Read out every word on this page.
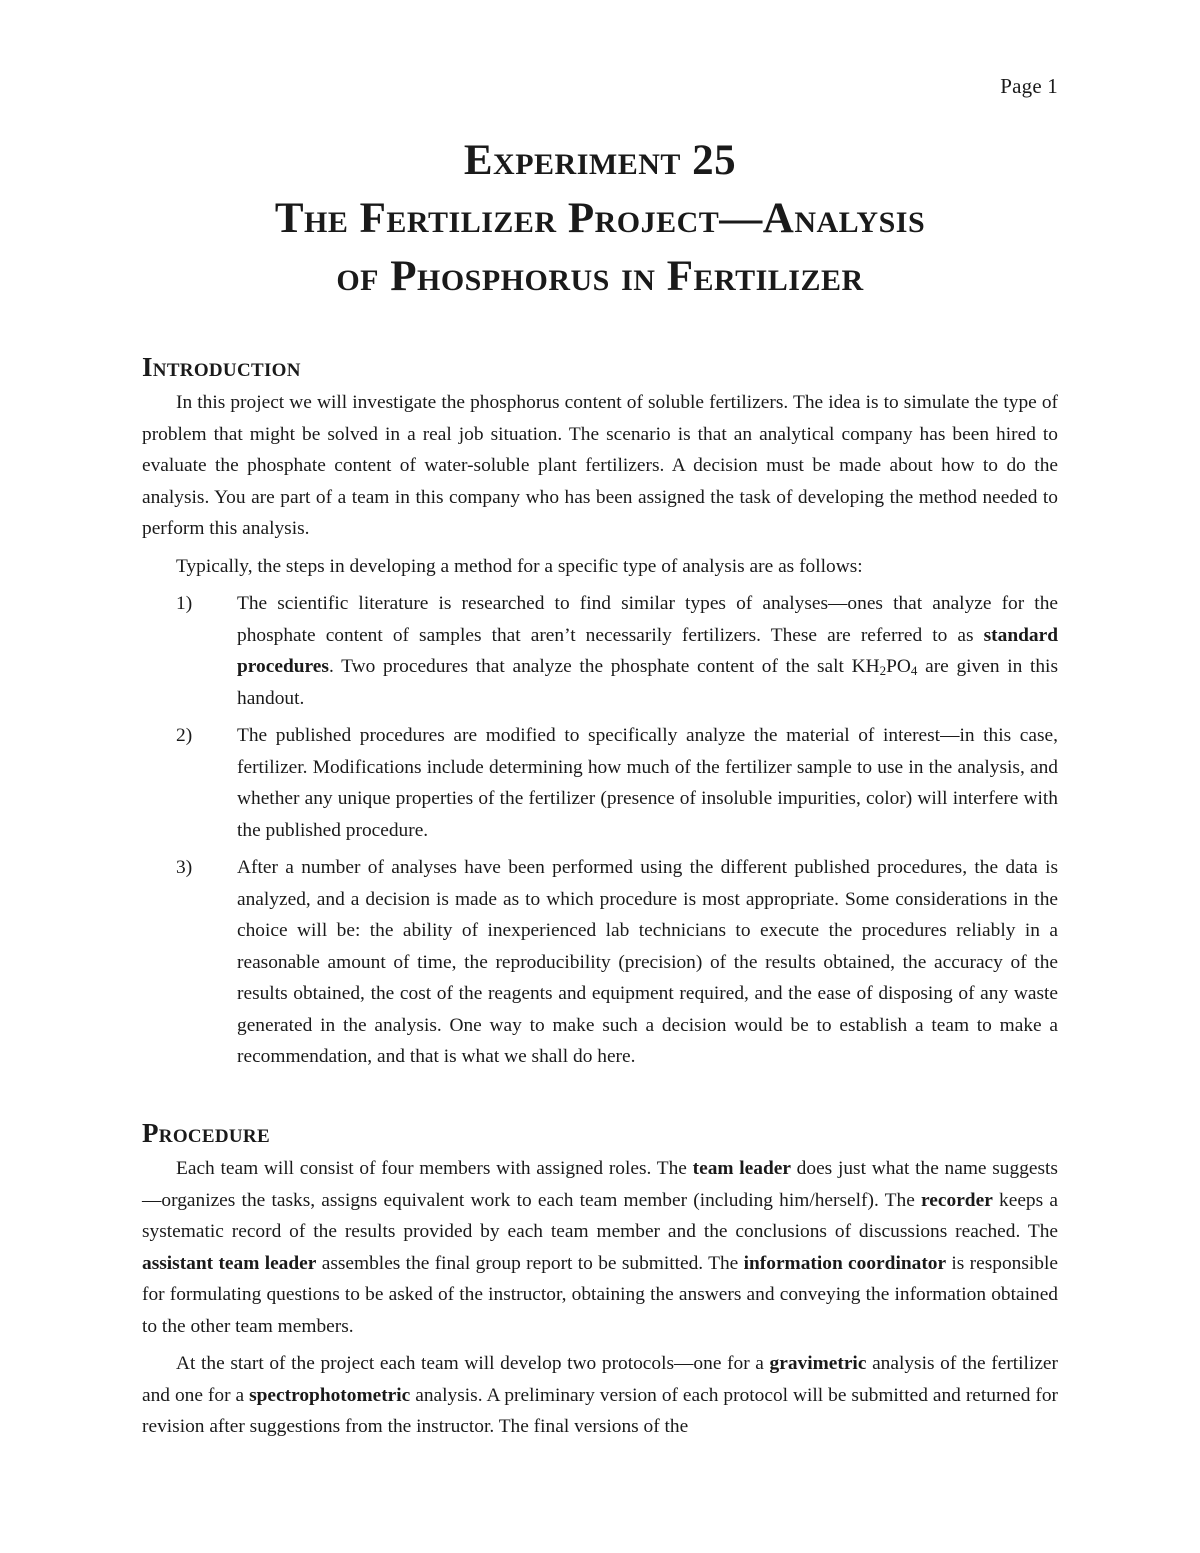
Page 1
Experiment 25
The Fertilizer Project—Analysis
of Phosphorus in Fertilizer
Introduction

In this project we will investigate the phosphorus content of soluble fertilizers. The idea is to simulate the type of problem that might be solved in a real job situation. The scenario is that an analytical company has been hired to evaluate the phosphate content of water-soluble plant fertilizers. A decision must be made about how to do the analysis. You are part of a team in this company who has been assigned the task of developing the method needed to perform this analysis.

Typically, the steps in developing a method for a specific type of analysis are as follows:

1) The scientific literature is researched to find similar types of analyses—ones that analyze for the phosphate content of samples that aren’t necessarily fertilizers. These are referred to as standard procedures. Two procedures that analyze the phosphate content of the salt $KH_2PO_4$ are given in this handout.
2) The published procedures are modified to specifically analyze the material of interest—in this case, fertilizer. Modifications include determining how much of the fertilizer sample to use in the analysis, and whether any unique properties of the fertilizer (presence of insoluble impurities, color) will interfere with the published procedure.
3) After a number of analyses have been performed using the different published procedures, the data is analyzed, and a decision is made as to which procedure is most appropriate. Some considerations in the choice will be: the ability of inexperienced lab technicians to execute the procedures reliably in a reasonable amount of time, the reproducibility (precision) of the results obtained, the accuracy of the results obtained, the cost of the reagents and equipment required, and the ease of disposing of any waste generated in the analysis. One way to make such a decision would be to establish a team to make a recommendation, and that is what we shall do here.
Procedure

Each team will consist of four members with assigned roles. The team leader does just what the name suggests—organizes the tasks, assigns equivalent work to each team member (including him/herself). The recorder keeps a systematic record of the results provided by each team member and the conclusions of discussions reached. The assistant team leader assembles the final group report to be submitted. The information coordinator is responsible for formulating questions to be asked of the instructor, obtaining the answers and conveying the information obtained to the other team members.

At the start of the project each team will develop two protocols—one for a gravimetric analysis of the fertilizer and one for a spectrophotometric analysis. A preliminary version of each protocol will be submitted and returned for revision after suggestions from the instructor. The final versions of the
